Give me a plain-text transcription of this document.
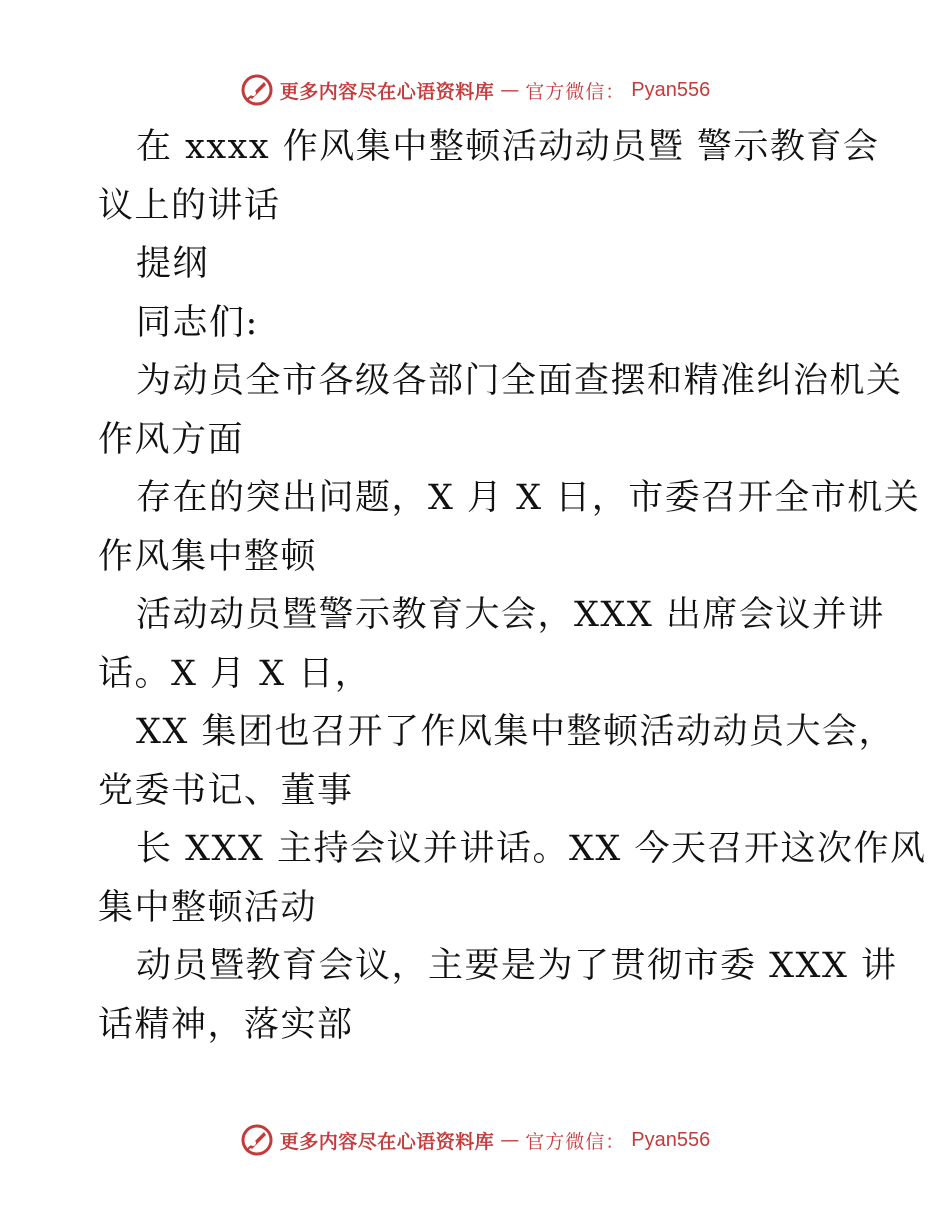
更多内容尽在心语资料库 — 官方微信： Pyan556
在 xxxx 作风集中整顿活动动员暨 警示教育会
议上的讲话
提纲
同志们:
为动员全市各级各部门全面查摆和精准纠治机关
作风方面
存在的突出问题，X 月 X 日，市委召开全市机关
作风集中整顿
活动动员暨警示教育大会，XXX 出席会议并讲
话。X 月 X 日，
XX 集团也召开了作风集中整顿活动动员大会，
党委书记、董事
长 XXX 主持会议并讲话。XX 今天召开这次作风
集中整顿活动
动员暨教育会议，主要是为了贯彻市委 XXX 讲
话精神，落实部
更多内容尽在心语资料库 — 官方微信： Pyan556
